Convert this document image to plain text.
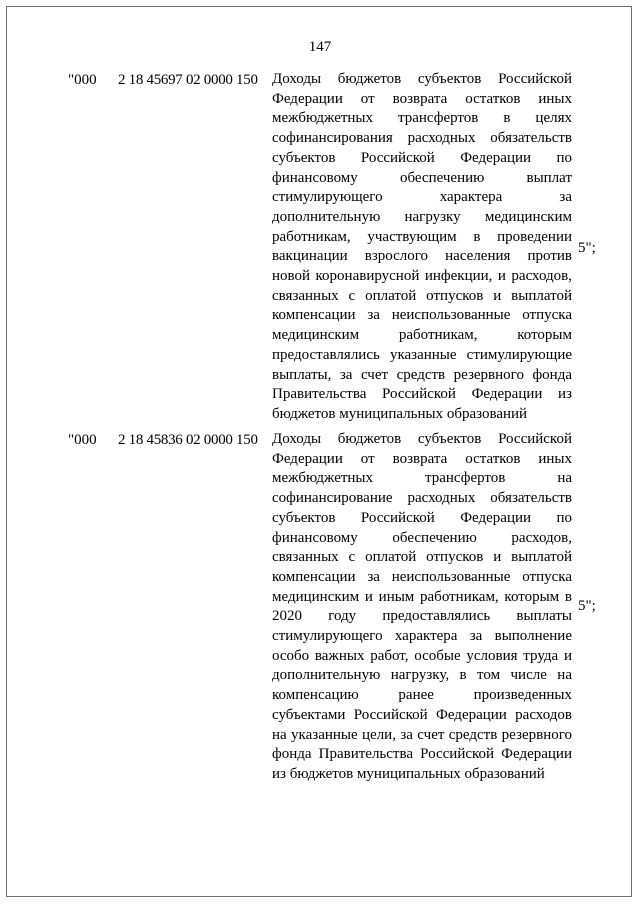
147
"000 2 18 45697 02 0000 150 Доходы бюджетов субъектов Российской Федерации от возврата остатков иных межбюджетных трансфертов в целях софинансирования расходных обязательств субъектов Российской Федерации по финансовому обеспечению выплат стимулирующего характера за дополнительную нагрузку медицинским работникам, участвующим в проведении вакцинации взрослого населения против новой коронавирусной инфекции, и расходов, связанных с оплатой отпусков и выплатой компенсации за неиспользованные отпуска медицинским работникам, которым предоставлялись указанные стимулирующие выплаты, за счет средств резервного фонда Правительства Российской Федерации из бюджетов муниципальных образований
5";
"000 2 18 45836 02 0000 150 Доходы бюджетов субъектов Российской Федерации от возврата остатков иных межбюджетных трансфертов на софинансирование расходных обязательств субъектов Российской Федерации по финансовому обеспечению расходов, связанных с оплатой отпусков и выплатой компенсации за неиспользованные отпуска медицинским и иным работникам, которым в 2020 году предоставлялись выплаты стимулирующего характера за выполнение особо важных работ, особые условия труда и дополнительную нагрузку, в том числе на компенсацию ранее произведенных субъектами Российской Федерации расходов на указанные цели, за счет средств резервного фонда Правительства Российской Федерации из бюджетов муниципальных образований
5";
